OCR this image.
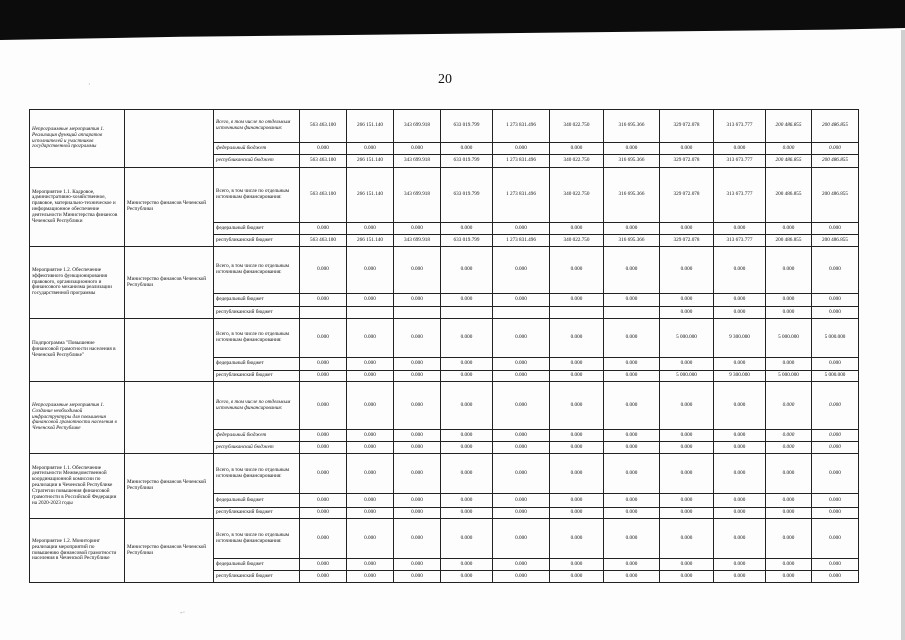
20
·
-·
Непрограммные мероприятия 1. Реализация функций аппаратов исполнителей и участников государственной программы		Всего, в том числе по отдельным источникам финансирования:	563 463.100	266 151.140	343 699.918	633 019.799	1 273 831.496	340 022.750	316 695.366	329 072.078	313 673.777	200 486.855	200 486.855
		федеральный бюджет	0.000	0.000	0.000	0.000	0.000	0.000	0.000	0.000	0.000	0.000	0.000
		республиканский бюджет	563 463.100	266 151.140	343 699.918	633 019.799	1 273 831.496	340 022.750	316 695.366	329 072.078	313 673.777	200 486.855	200 486.855
Мероприятие 1.1. Кадровое, административно-хозяйственное, правовое, материально-техническое и информационное обеспечение деятельности Министерства финансов Чеченской Республики	Министерство финансов Чеченской Республики	Всего, в том числе по отдельным источникам финансирования:	563 463.100	266 151.140	343 699.918	633 019.799	1 273 831.496	340 022.750	316 695.366	329 072.078	313 673.777	200 486.855	200 486.855
		федеральный бюджет	0.000	0.000	0.000	0.000	0.000	0.000	0.000	0.000	0.000	0.000	0.000
		республиканский бюджет	563 463.100	266 151.140	343 699.918	633 019.799	1 273 831.496	340 022.750	316 695.366	329 072.078	313 673.777	200 486.855	200 486.855
Мероприятие 1.2. Обеспечение эффективного функционирования правового, организационного и финансового механизма реализации государственной программы	Министерство финансов Чеченской Республики	Всего, в том числе по отдельным источникам финансирования:	0.000	0.000	0.000	0.000	0.000	0.000	0.000	0.000	0.000	0.000	0.000
		федеральный бюджет	0.000	0.000	0.000	0.000	0.000	0.000	0.000	0.000	0.000	0.000	0.000
		республиканский бюджет								0.000	0.000	0.000	0.000
Подпрограмма "Повышение финансовой грамотности населения в Чеченской Республике"		Всего, в том числе по отдельным источникам финансирования:	0.000	0.000	0.000	0.000	0.000	0.000	0.000	5 000.000	9 300.000	5 000.000	5 000.000
		федеральный бюджет	0.000	0.000	0.000	0.000	0.000	0.000	0.000	0.000	0.000	0.000	0.000
		республиканский бюджет	0.000	0.000	0.000	0.000	0.000	0.000	0.000	5 000.000	9 300.000	5 000.000	5 000.000
Непрограммные мероприятия 1. Создание необходимой инфраструктуры для повышения финансовой грамотности населения в Чеченской Республике		Всего, в том числе по отдельным источникам финансирования:	0.000	0.000	0.000	0.000	0.000	0.000	0.000	0.000	0.000	0.000	0.000
		федеральный бюджет	0.000	0.000	0.000	0.000	0.000	0.000	0.000	0.000	0.000	0.000	0.000
		республиканский бюджет	0.000	0.000	0.000	0.000	0.000	0.000	0.000	0.000	0.000	0.000	0.000
Мероприятие 1.1. Обеспечение деятельности Межведомственной координационной комиссии по реализации в Чеченской Республике Стратегии повышения финансовой грамотности в Российской Федерации на 2020-2023 годы	Министерство финансов Чеченской Республики	Всего, в том числе по отдельным источникам финансирования:	0.000	0.000	0.000	0.000	0.000	0.000	0.000	0.000	0.000	0.000	0.000
		федеральный бюджет	0.000	0.000	0.000	0.000	0.000	0.000	0.000	0.000	0.000	0.000	0.000
		республиканский бюджет	0.000	0.000	0.000	0.000	0.000	0.000	0.000	0.000	0.000	0.000	0.000
Мероприятие 1.2. Мониторинг реализации мероприятий по повышению финансовой грамотности населения в Чеченской Республике	Министерство финансов Чеченской Республики	Всего, в том числе по отдельным источникам финансирования:	0.000	0.000	0.000	0.000	0.000	0.000	0.000	0.000	0.000	0.000	0.000
		федеральный бюджет	0.000	0.000	0.000	0.000	0.000	0.000	0.000	0.000	0.000	0.000	0.000
		республиканский бюджет	0.000	0.000	0.000	0.000	0.000	0.000	0.000	0.000	0.000	0.000	0.000
